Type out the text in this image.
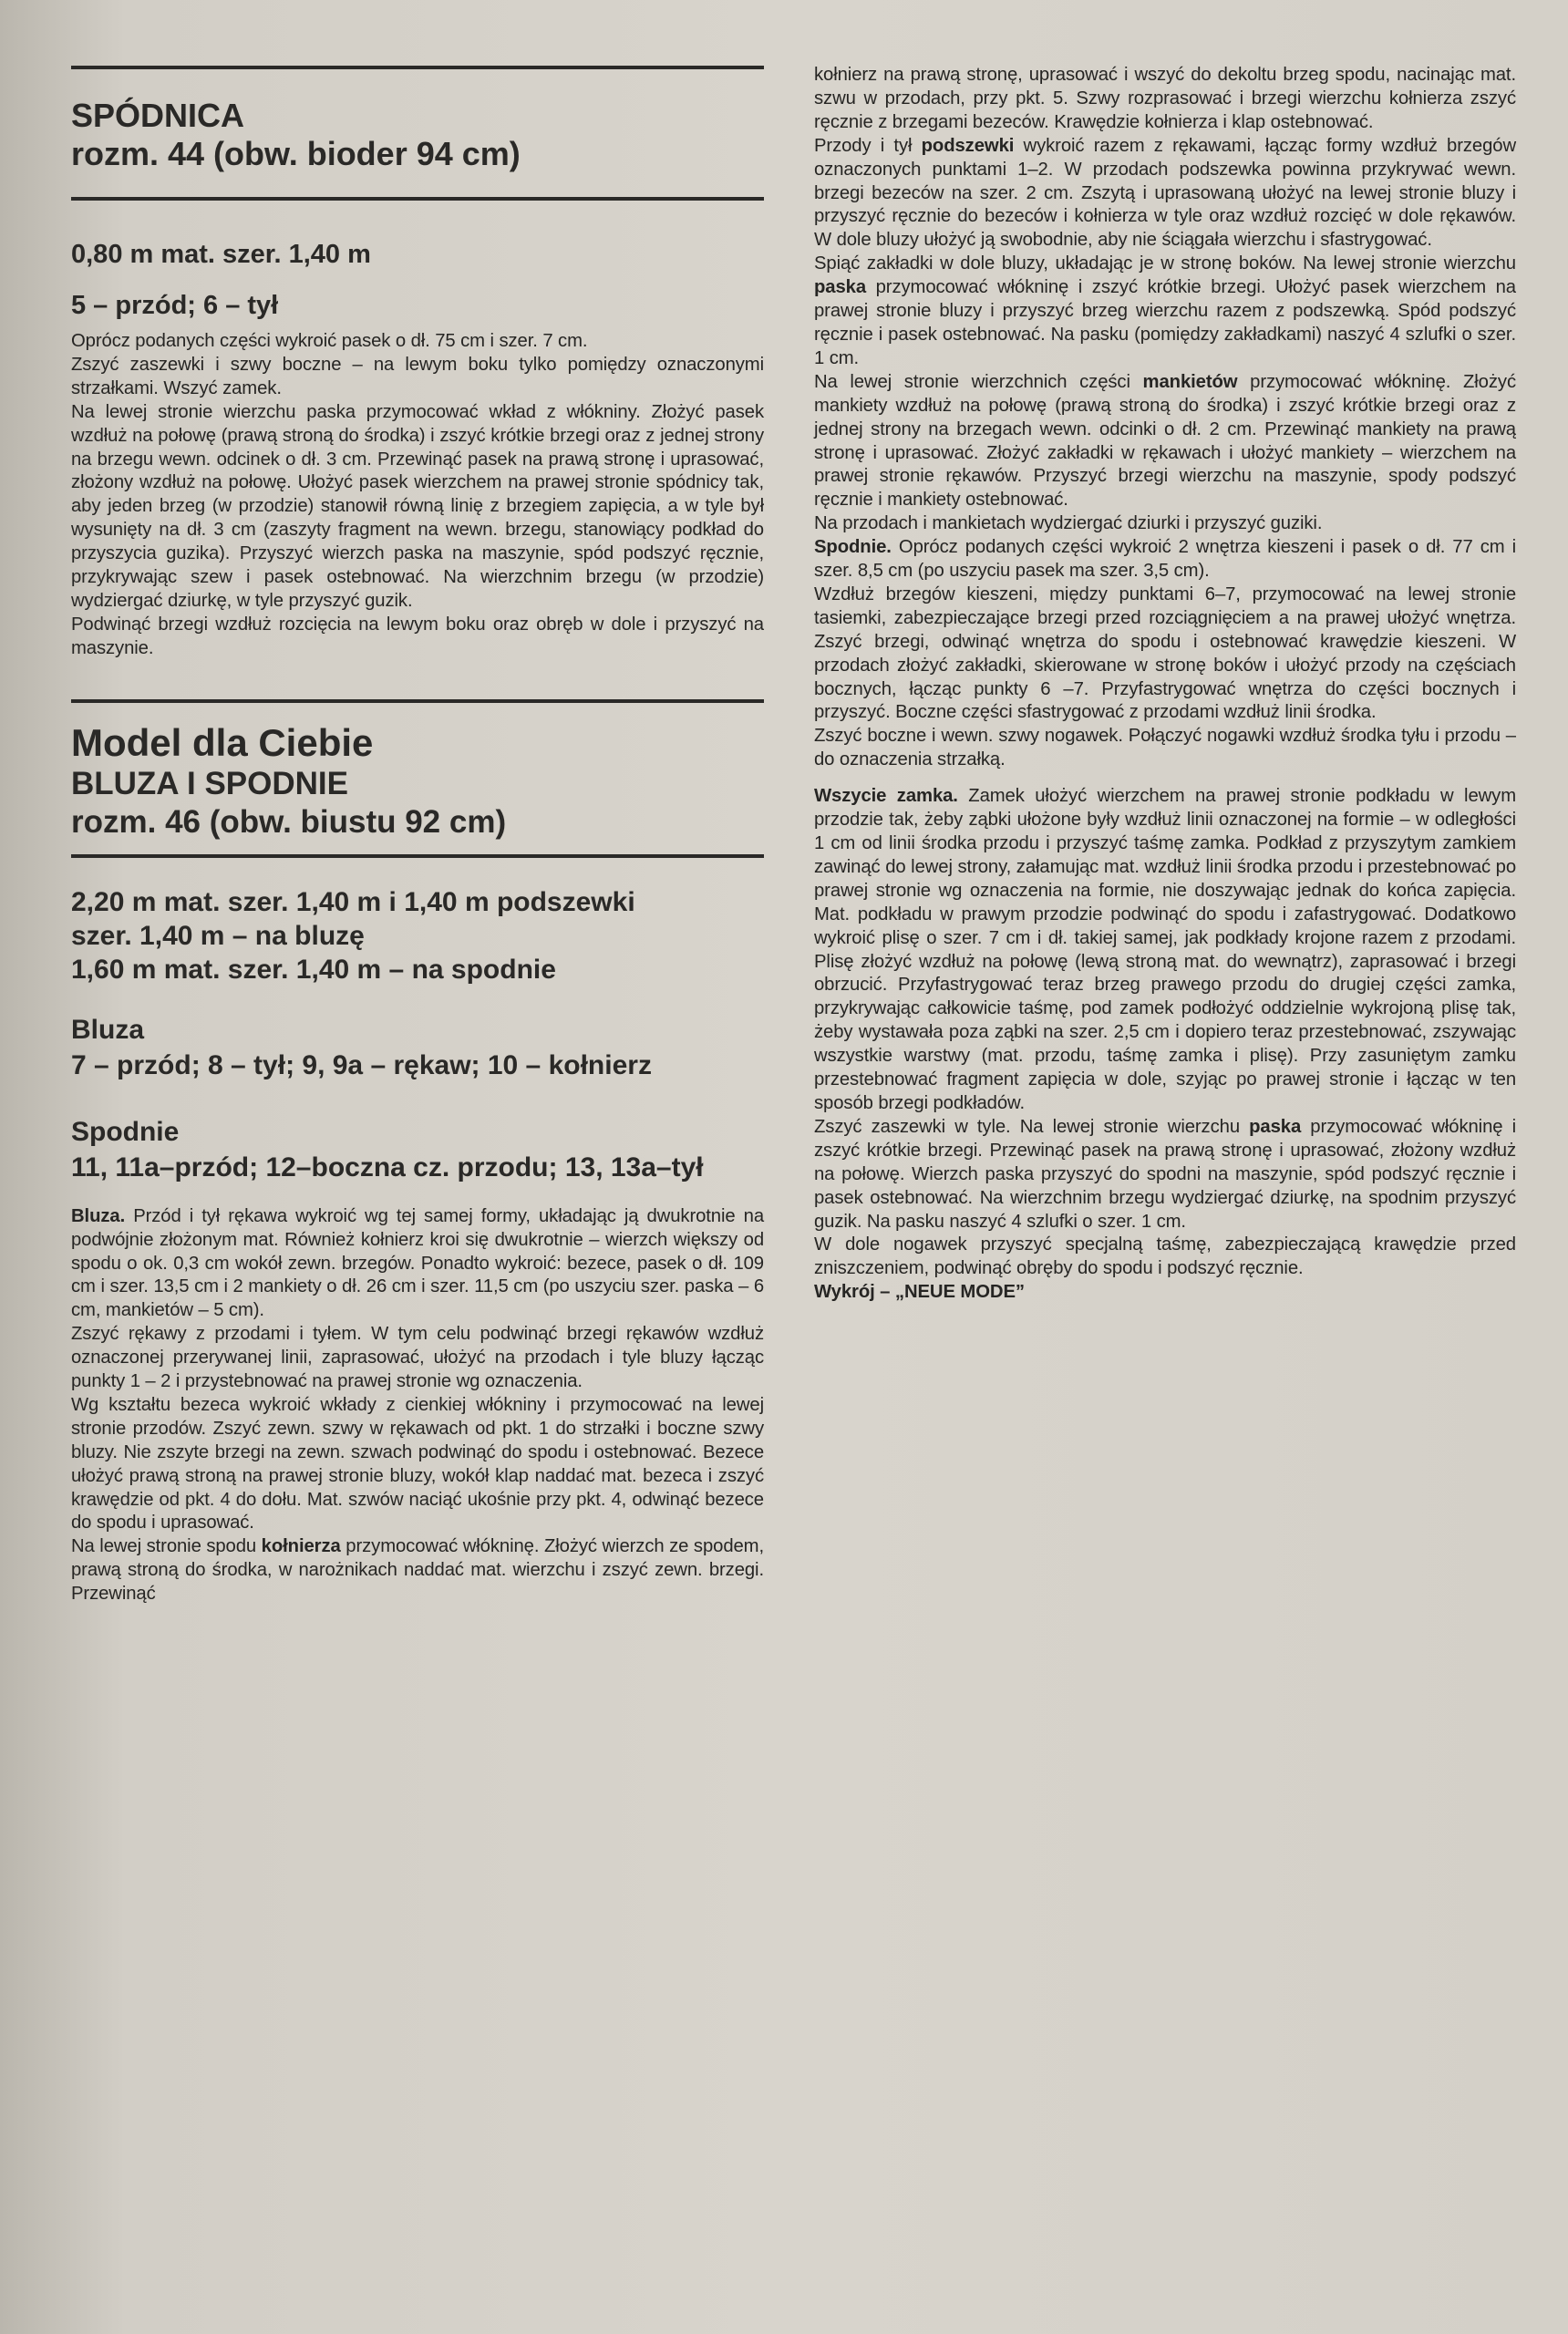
SPÓDNICA
rozm. 44 (obw. bioder 94 cm)
0,80 m mat. szer. 1,40 m
5 – przód; 6 – tył

Oprócz podanych części wykroić pasek o dł. 75 cm i szer. 7 cm.

Zszyć zaszewki i szwy boczne – na lewym boku tylko pomiędzy oznaczonymi strzałkami. Wszyć zamek.

Na lewej stronie wierzchu paska przymocować wkład z włókniny. Złożyć pasek wzdłuż na połowę (prawą stroną do środka) i zszyć krótkie brzegi oraz z jednej strony na brzegu wewn. odcinek o dł. 3 cm. Przewinąć pasek na prawą stronę i uprasować, złożony wzdłuż na połowę. Ułożyć pasek wierzchem na prawej stronie spódnicy tak, aby jeden brzeg (w przodzie) stanowił równą linię z brzegiem zapięcia, a w tyle był wysunięty na dł. 3 cm (zaszyty fragment na wewn. brzegu, stanowiący podkład do przyszycia guzika). Przyszyć wierzch paska na maszynie, spód podszyć ręcznie, przykrywając szew i pasek ostebnować. Na wierzchnim brzegu (w przodzie) wydziergać dziurkę, w tyle przyszyć guzik.

Podwinąć brzegi wzdłuż rozcięcia na lewym boku oraz obręb w dole i przyszyć na maszynie.

Model dla Ciebie
BLUZA I SPODNIE
rozm. 46 (obw. biustu 92 cm)
2,20 m mat. szer. 1,40 m i 1,40 m podszewki
szer. 1,40 m – na bluzę
1,60 m mat. szer. 1,40 m – na spodnie
Bluza
7 – przód; 8 – tył; 9, 9a – rękaw; 10 – kołnierz
Spodnie
11, 11a–przód; 12–boczna cz. przodu; 13, 13a–tył

Bluza. Przód i tył rękawa wykroić wg tej samej formy, układając ją dwukrotnie na podwójnie złożonym mat. Również kołnierz kroi się dwukrotnie – wierzch większy od spodu o ok. 0,3 cm wokół zewn. brzegów. Ponadto wykroić: bezece, pasek o dł. 109 cm i szer. 13,5 cm i 2 mankiety o dł. 26 cm i szer. 11,5 cm (po uszyciu szer. paska – 6 cm, mankietów – 5 cm).

Zszyć rękawy z przodami i tyłem. W tym celu podwinąć brzegi rękawów wzdłuż oznaczonej przerywanej linii, zaprasować, ułożyć na przodach i tyle bluzy łącząc punkty 1 – 2 i przystebnować na prawej stronie wg oznaczenia.

Wg kształtu bezeca wykroić wkłady z cienkiej włókniny i przymocować na lewej stronie przodów. Zszyć zewn. szwy w rękawach od pkt. 1 do strzałki i boczne szwy bluzy. Nie zszyte brzegi na zewn. szwach podwinąć do spodu i ostebnować. Bezece ułożyć prawą stroną na prawej stronie bluzy, wokół klap naddać mat. bezeca i zszyć krawędzie od pkt. 4 do dołu. Mat. szwów naciąć ukośnie przy pkt. 4, odwinąć bezece do spodu i uprasować.

Na lewej stronie spodu kołnierza przymocować włókninę. Złożyć wierzch ze spodem, prawą stroną do środka, w narożnikach naddać mat. wierzchu i zszyć zewn. brzegi. Przewinąć

kołnierz na prawą stronę, uprasować i wszyć do dekoltu brzeg spodu, nacinając mat. szwu w przodach, przy pkt. 5. Szwy rozprasować i brzegi wierzchu kołnierza zszyć ręcznie z brzegami bezeców. Krawędzie kołnierza i klap ostebnować.

Przody i tył podszewki wykroić razem z rękawami, łącząc formy wzdłuż brzegów oznaczonych punktami 1–2. W przodach podszewka powinna przykrywać wewn. brzegi bezeców na szer. 2 cm. Zszytą i uprasowaną ułożyć na lewej stronie bluzy i przyszyć ręcznie do bezeców i kołnierza w tyle oraz wzdłuż rozcięć w dole rękawów. W dole bluzy ułożyć ją swobodnie, aby nie ściągała wierzchu i sfastrygować.

Spiąć zakładki w dole bluzy, układając je w stronę boków. Na lewej stronie wierzchu paska przymocować włókninę i zszyć krótkie brzegi. Ułożyć pasek wierzchem na prawej stronie bluzy i przyszyć brzeg wierzchu razem z podszewką. Spód podszyć ręcznie i pasek ostebnować. Na pasku (pomiędzy zakładkami) naszyć 4 szlufki o szer. 1 cm.

Na lewej stronie wierzchnich części mankietów przymocować włókninę. Złożyć mankiety wzdłuż na połowę (prawą stroną do środka) i zszyć krótkie brzegi oraz z jednej strony na brzegach wewn. odcinki o dł. 2 cm. Przewinąć mankiety na prawą stronę i uprasować. Złożyć zakładki w rękawach i ułożyć mankiety – wierzchem na prawej stronie rękawów. Przyszyć brzegi wierzchu na maszynie, spody podszyć ręcznie i mankiety ostebnować.

Na przodach i mankietach wydziergać dziurki i przyszyć guziki.

Spodnie. Oprócz podanych części wykroić 2 wnętrza kieszeni i pasek o dł. 77 cm i szer. 8,5 cm (po uszyciu pasek ma szer. 3,5 cm).

Wzdłuż brzegów kieszeni, między punktami 6–7, przymocować na lewej stronie tasiemki, zabezpieczające brzegi przed rozciągnięciem a na prawej ułożyć wnętrza. Zszyć brzegi, odwinąć wnętrza do spodu i ostebnować krawędzie kieszeni. W przodach złożyć zakładki, skierowane w stronę boków i ułożyć przody na częściach bocznych, łącząc punkty 6 –7. Przyfastrygować wnętrza do części bocznych i przyszyć. Boczne części sfastrygować z przodami wzdłuż linii środka.

Zszyć boczne i wewn. szwy nogawek. Połączyć nogawki wzdłuż środka tyłu i przodu – do oznaczenia strzałką.

Wszycie zamka. Zamek ułożyć wierzchem na prawej stronie podkładu w lewym przodzie tak, żeby ząbki ułożone były wzdłuż linii oznaczonej na formie – w odległości 1 cm od linii środka przodu i przyszyć taśmę zamka. Podkład z przyszytym zamkiem zawinąć do lewej strony, załamując mat. wzdłuż linii środka przodu i przestebnować po prawej stronie wg oznaczenia na formie, nie doszywając jednak do końca zapięcia. Mat. podkładu w prawym przodzie podwinąć do spodu i zafastrygować. Dodatkowo wykroić plisę o szer. 7 cm i dł. takiej samej, jak podkłady krojone razem z przodami. Plisę złożyć wzdłuż na połowę (lewą stroną mat. do wewnątrz), zaprasować i brzegi obrzucić. Przyfastrygować teraz brzeg prawego przodu do drugiej części zamka, przykrywając całkowicie taśmę, pod zamek podłożyć oddzielnie wykrojoną plisę tak, żeby wystawała poza ząbki na szer. 2,5 cm i dopiero teraz przestebnować, zszywając wszystkie warstwy (mat. przodu, taśmę zamka i plisę). Przy zasuniętym zamku przestebnować fragment zapięcia w dole, szyjąc po prawej stronie i łącząc w ten sposób brzegi podkładów.

Zszyć zaszewki w tyle. Na lewej stronie wierzchu paska przymocować włókninę i zszyć krótkie brzegi. Przewinąć pasek na prawą stronę i uprasować, złożony wzdłuż na połowę. Wierzch paska przyszyć do spodni na maszynie, spód podszyć ręcznie i pasek ostebnować. Na wierzchnim brzegu wydziergać dziurkę, na spodnim przyszyć guzik. Na pasku naszyć 4 szlufki o szer. 1 cm.

W dole nogawek przyszyć specjalną taśmę, zabezpieczającą krawędzie przed zniszczeniem, podwinąć obręby do spodu i podszyć ręcznie.

Wykrój – „NEUE MODE”
